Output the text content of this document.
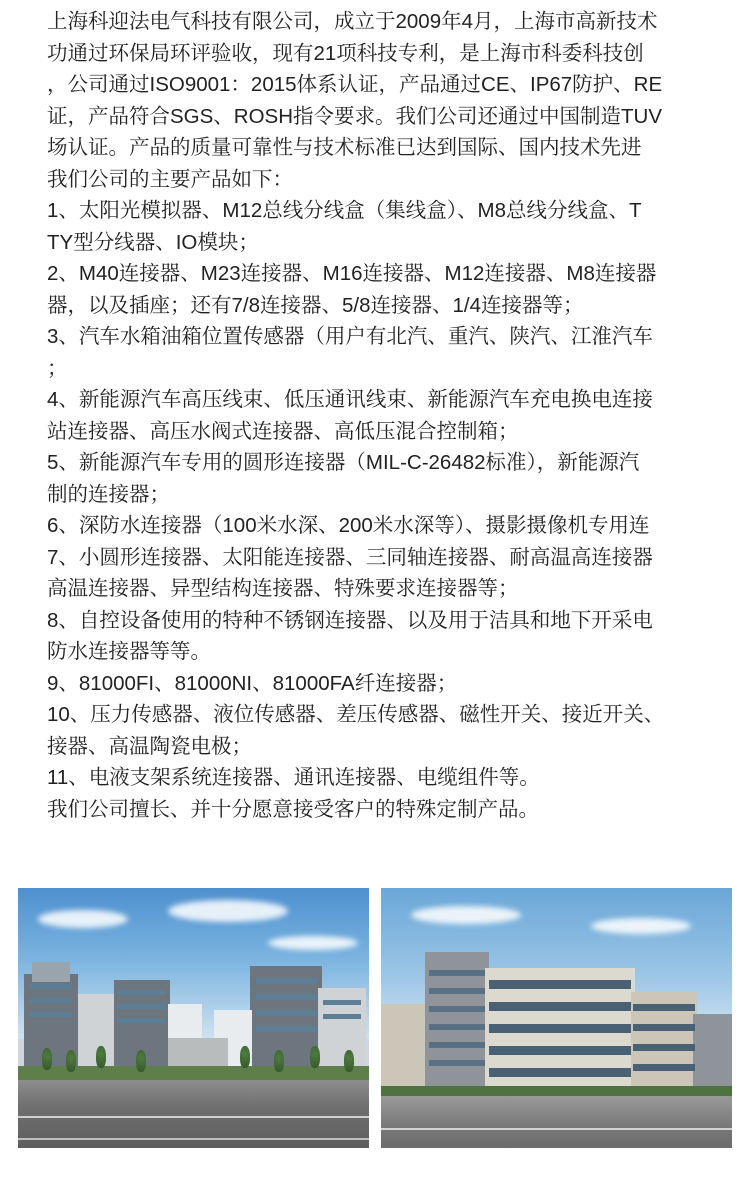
上海科迎法电气科技有限公司，成立于2009年4月，上海市高新技术
功通过环保局环评验收，现有21项科技专利，是上海市科委科技创
，公司通过ISO9001：2015体系认证，产品通过CE、IP67防护、RE
证，产品符合SGS、ROSH指令要求。我们公司还通过中国制造TUV
场认证。产品的质量可靠性与技术标准已达到国际、国内技术先进
我们公司的主要产品如下：
1、太阳光模拟器、M12总线分线盒（集线盒）、M8总线分线盒、T
TY型分线器、IO模块；
2、M40连接器、M23连接器、M16连接器、M12连接器、M8连接器
器，以及插座；还有7/8连接器、5/8连接器、1/4连接器等；
3、汽车水箱油箱位置传感器（用户有北汽、重汽、陕汽、江淮汽车
；
4、新能源汽车高压线束、低压通讯线束、新能源汽车充电换电连接
站连接器、高压水阀式连接器、高低压混合控制箱；
5、新能源汽车专用的圆形连接器（MIL-C-26482标准），新能源汽
制的连接器；
6、深防水连接器（100米水深、200米水深等）、摄影摄像机专用连
7、小圆形连接器、太阳能连接器、三同轴连接器、耐高温高连接器
高温连接器、异型结构连接器、特殊要求连接器等；
8、自控设备使用的特种不锈钢连接器、以及用于洁具和地下开采电
防水连接器等等。
9、81000FI、81000NI、81000FA纤连接器；
10、压力传感器、液位传感器、差压传感器、磁性开关、接近开关、
接器、高温陶瓷电极；
11、电液支架系统连接器、通讯连接器、电缆组件等。
我们公司擅长、并十分愿意接受客户的特殊定制产品。
